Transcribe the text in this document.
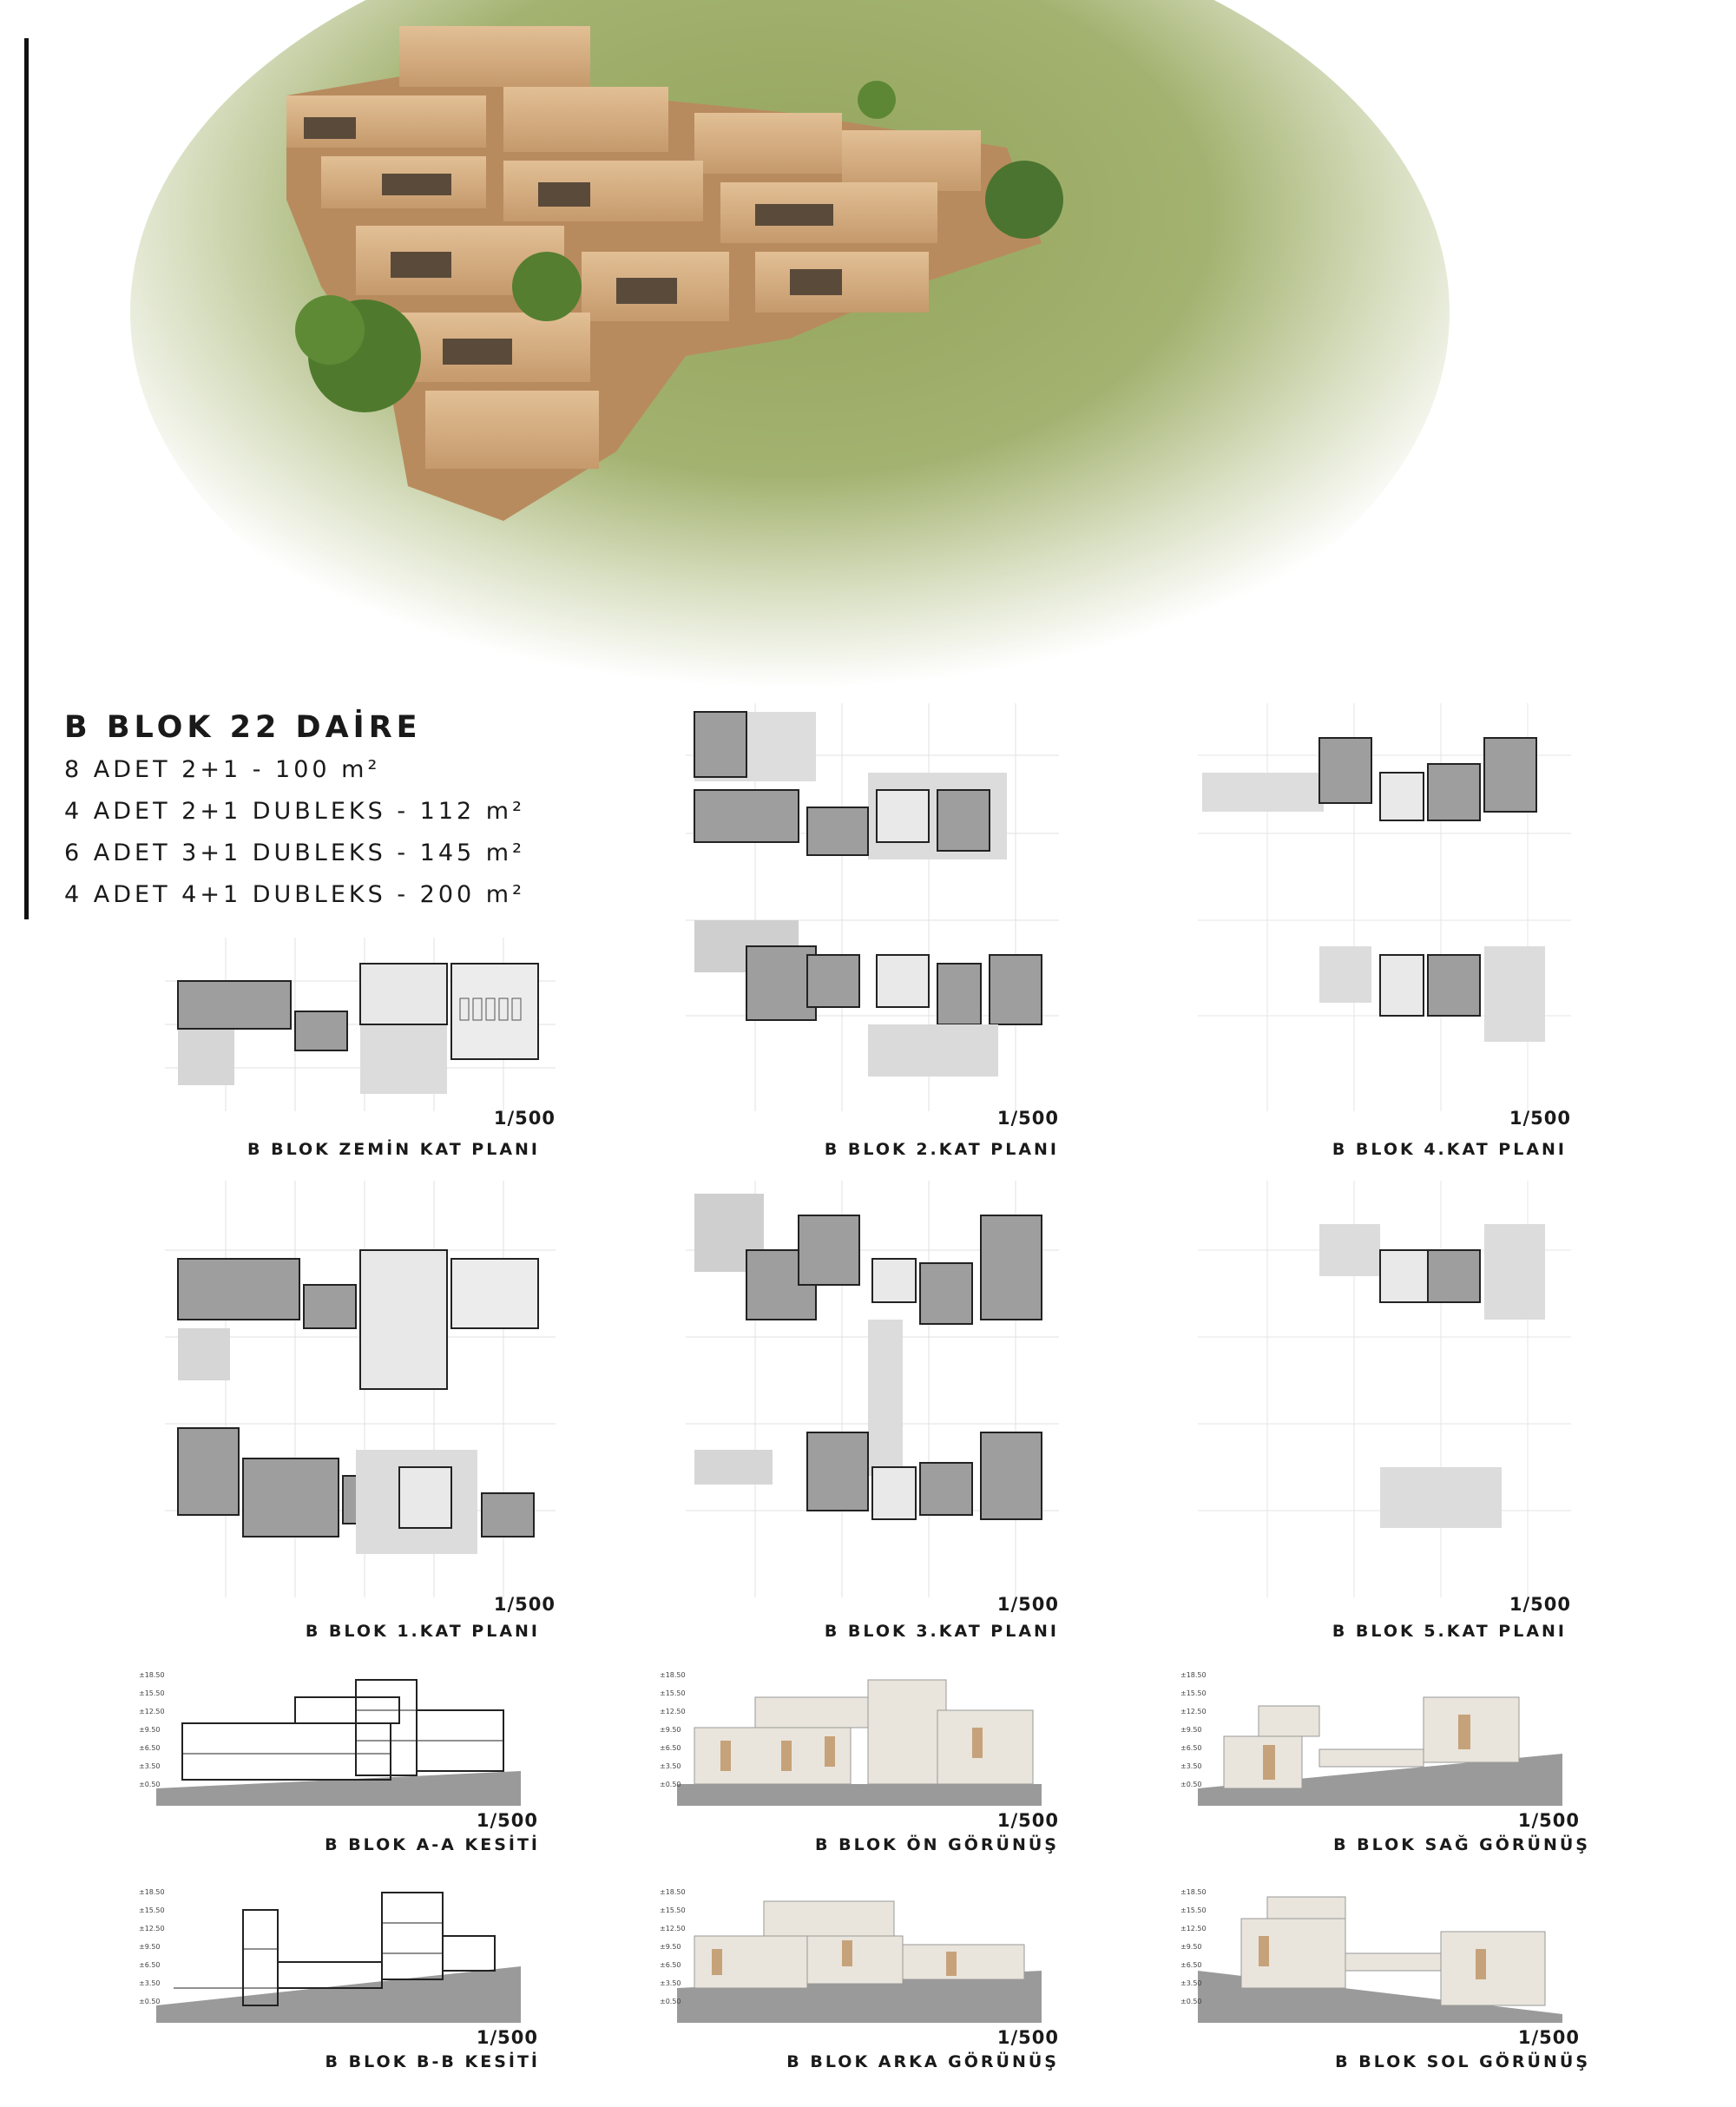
B BLOK 22 DAİRE
8 ADET 2+1 - 100 m²
4 ADET 2+1 DUBLEKS - 112 m²
6 ADET 3+1 DUBLEKS - 145 m²
4 ADET 4+1 DUBLEKS - 200 m²
1/500
B BLOK ZEMİN KAT PLANI
1/500
B BLOK 2.KAT PLANI
1/500
B BLOK 4.KAT PLANI
1/500
B BLOK 1.KAT PLANI
1/500
B BLOK 3.KAT PLANI
1/500
B BLOK 5.KAT PLANI
±18.50
±15.50
±12.50
±9.50
±6.50
±3.50
±0.50
1/500
B BLOK A-A KESİTİ
±18.50
±15.50
±12.50
±9.50
±6.50
±3.50
±0.50
1/500
B BLOK ÖN GÖRÜNÜŞ
±18.50
±15.50
±12.50
±9.50
±6.50
±3.50
±0.50
1/500
B BLOK SAĞ GÖRÜNÜŞ
±18.50
±15.50
±12.50
±9.50
±6.50
±3.50
±0.50
1/500
B BLOK B-B KESİTİ
±18.50
±15.50
±12.50
±9.50
±6.50
±3.50
±0.50
1/500
B BLOK ARKA GÖRÜNÜŞ
±18.50
±15.50
±12.50
±9.50
±6.50
±3.50
±0.50
1/500
B BLOK SOL GÖRÜNÜŞ
